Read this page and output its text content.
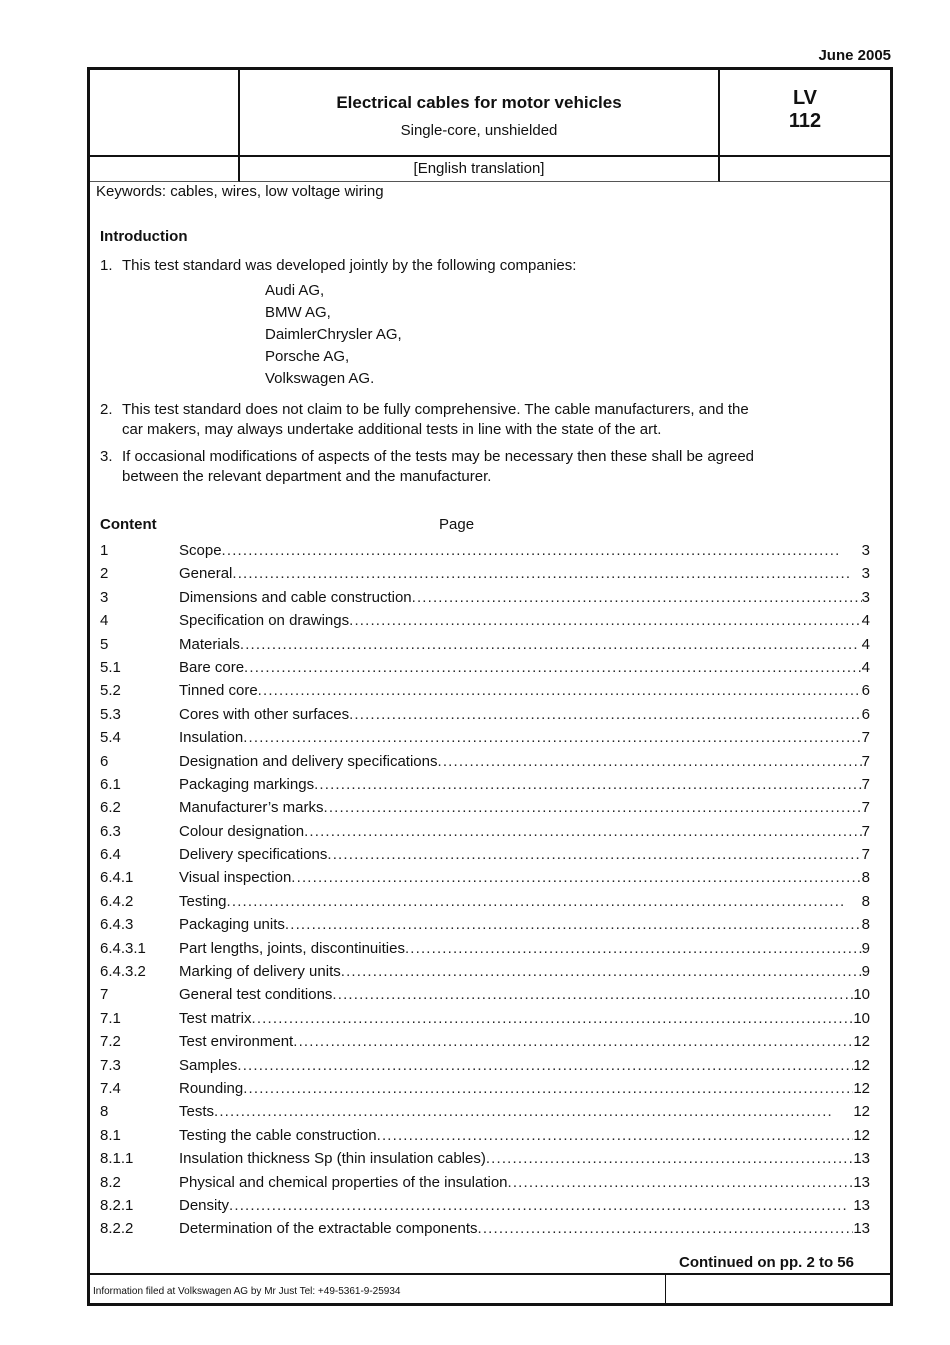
June 2005
Electrical cables for motor vehicles
Single-core, unshielded
LV
112
[English translation]
Keywords: cables, wires, low voltage wiring
Introduction
1. This test standard was developed jointly by the following companies:
Audi AG,
BMW AG,
DaimlerChrysler AG,
Porsche AG,
Volkswagen AG.
2. This test standard does not claim to be fully comprehensive. The cable manufacturers, and the
car makers, may always undertake additional tests in line with the state of the art.
3. If occasional modifications of aspects of the tests may be necessary then these shall be agreed
between the relevant department and the manufacturer.
Content	Page
1	Scope . . .	3
2	General . . .	3
3	Dimensions and cable construction . . .	3
4	Specification on drawings . . .	4
5	Materials . . .	4
5.1	Bare core . . .	4
5.2	Tinned core . . .	6
5.3	Cores with other surfaces . . .	6
5.4	Insulation . . .	7
6	Designation and delivery specifications . . .	7
6.1	Packaging markings . . .	7
6.2	Manufacturer’s marks . . .	7
6.3	Colour designation . . .	7
6.4	Delivery specifications . . .	7
6.4.1	Visual inspection . . .	8
6.4.2	Testing . . .	8
6.4.3	Packaging units . . .	8
6.4.3.1	Part lengths, joints, discontinuities . . .	9
6.4.3.2	Marking of delivery units . . .	9
7	General test conditions . . .	10
7.1	Test matrix . . .	10
7.2	Test environment . . .	12
7.3	Samples . . .	12
7.4	Rounding . . .	12
8	Tests . . .	12
8.1	Testing the cable construction . . .	12
8.1.1	Insulation thickness Sp (thin insulation cables) . . .	13
8.2	Physical and chemical properties of the insulation . . .	13
8.2.1	Density . . .	13
8.2.2	Determination of the extractable components . . .	13
Continued on pp. 2 to 56
Information filed at Volkswagen AG by Mr Just Tel: +49-5361-9-25934
